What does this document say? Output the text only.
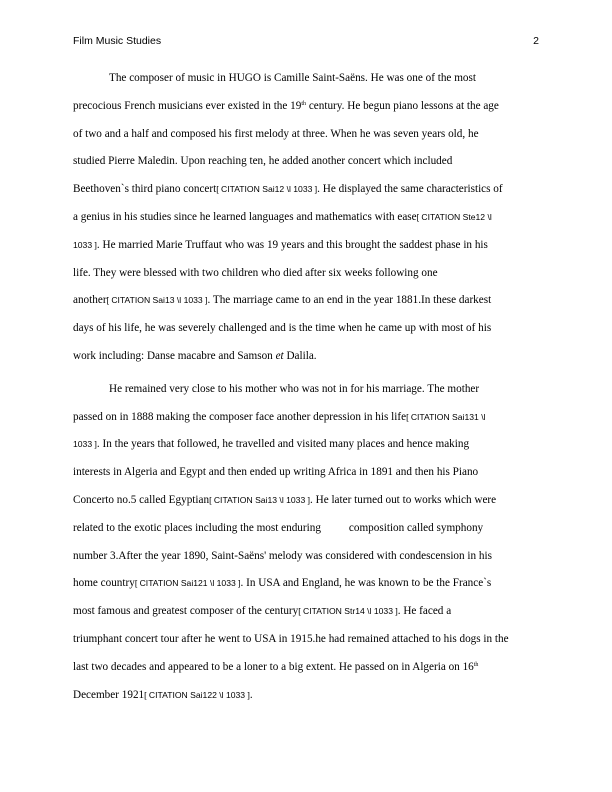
Film Music Studies	2
The composer of music in HUGO is Camille Saint-Saëns. He was one of the most
precocious French musicians ever existed in the 19th century. He begun piano lessons at the age
of two and a half and composed his first melody at three. When he was seven years old, he
studied Pierre Maledin. Upon reaching ten, he added another concert which included
Beethoven`s third piano concert[ CITATION Sai12 \l 1033 ]. He displayed the same characteristics of
a genius in his studies since he learned languages and mathematics with ease[ CITATION Ste12 \l
1033 ]. He married Marie Truffaut who was 19 years and this brought the saddest phase in his
life. They were blessed with two children who died after six weeks following one
another[ CITATION Sai13 \l 1033 ]. The marriage came to an end in the year 1881.In these darkest
days of his life, he was severely challenged and is the time when he came up with most of his
work including: Danse macabre and Samson et Dalila.
He remained very close to his mother who was not in for his marriage. The mother
passed on in 1888 making the composer face another depression in his life[ CITATION Sai131 \l
1033 ]. In the years that followed, he travelled and visited many places and hence making
interests in Algeria and Egypt and then ended up writing Africa in 1891 and then his Piano
Concerto no.5 called Egyptian[ CITATION Sai13 \l 1033 ]. He later turned out to works which were
related to the exotic places including the most enduring	composition called symphony
number 3.After the year 1890, Saint-Saëns' melody was considered with condescension in his
home country[ CITATION Sai121 \l 1033 ]. In USA and England, he was known to be the France`s
most famous and greatest composer of the century[ CITATION Str14 \l 1033 ]. He faced a
triumphant concert tour after he went to USA in 1915.he had remained attached to his dogs in the
last two decades and appeared to be a loner to a big extent. He passed on in Algeria on 16th
December 1921[ CITATION Sai122 \l 1033 ].
